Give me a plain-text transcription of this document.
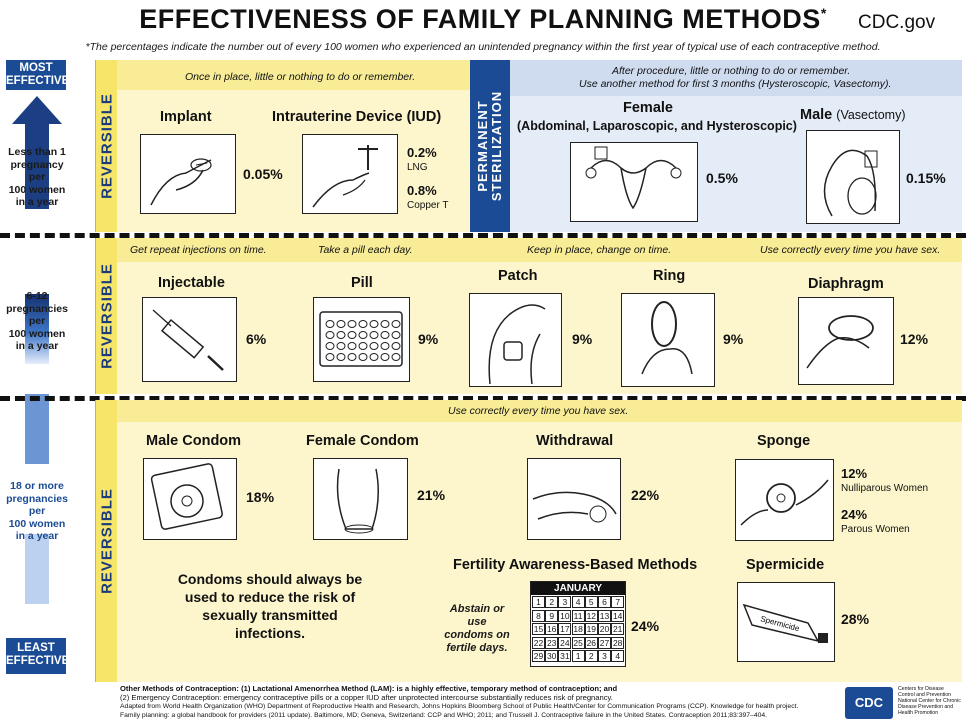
EFFECTIVENESS OF FAMILY PLANNING METHODS*	CDC.gov
*The percentages indicate the number out of every 100 women who experienced an unintended pregnancy within the first year of typical use of each contraceptive method.
MOST
EFFECTIVE
Less than 1
pregnancy per
100 women
in a year
6-12
pregnancies per
100 women
in a year
18 or more
pregnancies per
100 women
in a year
LEAST
EFFECTIVE
REVERSIBLE	PERMANENT
STERILIZATION
Once in place, little or nothing to do or remember.	After procedure, little or nothing to do or remember.
Use another method for first 3 months (Hysteroscopic, Vasectomy).
Implant
0.05%
Intrauterine Device (IUD)
0.2%
LNG
0.8%
Copper T
Female
(Abdominal, Laparoscopic, and Hysteroscopic)
0.5%
Male (Vasectomy)
0.15%
REVERSIBLE
Get repeat injections on time.	Take a pill each day.	Keep in place, change on time.	Use correctly every time you have sex.
Injectable
6%
Pill
9%
Patch
9%
Ring
9%
Diaphragm
12%
REVERSIBLE
Use correctly every time you have sex.
Male Condom
18%
Female Condom
21%
Withdrawal
22%
Sponge
12%
Nulliparous Women
24%
Parous Women
Condoms should always be used to reduce the risk of sexually transmitted infections.
Fertility Awareness-Based Methods
Abstain or use condoms on fertile days.
JANUARY
1 2 3 4 5 6 7
8 9 10 11 12 13 14
15 16 17 18 19 20 21
22 23 24 25 26 27 28
29 30 31 1 2 3 4
24%
Spermicide
Spermicide	28%
Other Methods of Contraception: (1) Lactational Amenorrhea Method (LAM): is a highly effective, temporary method of contraception; and
(2) Emergency Contraception: emergency contraceptive pills or a copper IUD after unprotected intercourse substantially reduces risk of pregnancy.
Adapted from World Health Organization (WHO) Department of Reproductive Health and Research, Johns Hopkins Bloomberg School of Public Health/Center for Communication Programs (CCP). Knowledge for health project.
Family planning: a global handbook for providers (2011 update). Baltimore, MD; Geneva, Switzerland: CCP and WHO; 2011; and Trussell J. Contraceptive failure in the United States. Contraception 2011;83:397–404.
CDC
Centers for Disease
Control and Prevention
National Center for Chronic
Disease Prevention and
Health Promotion
